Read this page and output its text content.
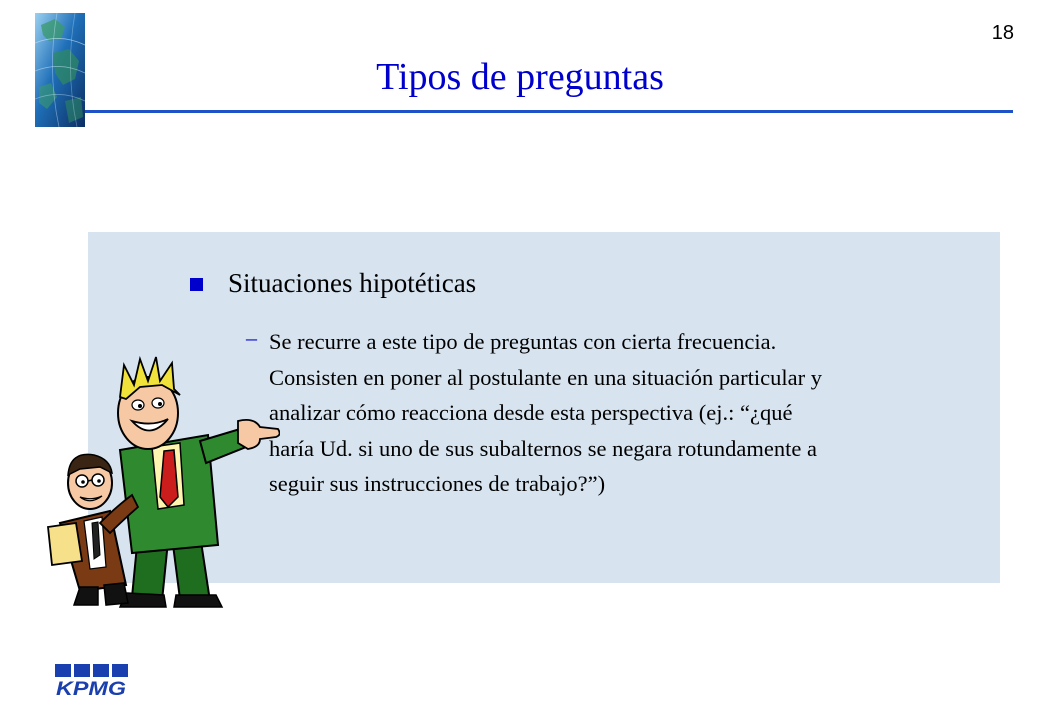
18
Tipos de preguntas
Situaciones hipotéticas
– Se recurre a este tipo de preguntas con cierta frecuencia.
Consisten en poner al postulante en una situación particular y
analizar cómo reacciona desde esta perspectiva (ej.: “¿qué
haría Ud. si uno de sus subalternos se negara rotundamente a
seguir sus instrucciones de trabajo?”)
KPMG
